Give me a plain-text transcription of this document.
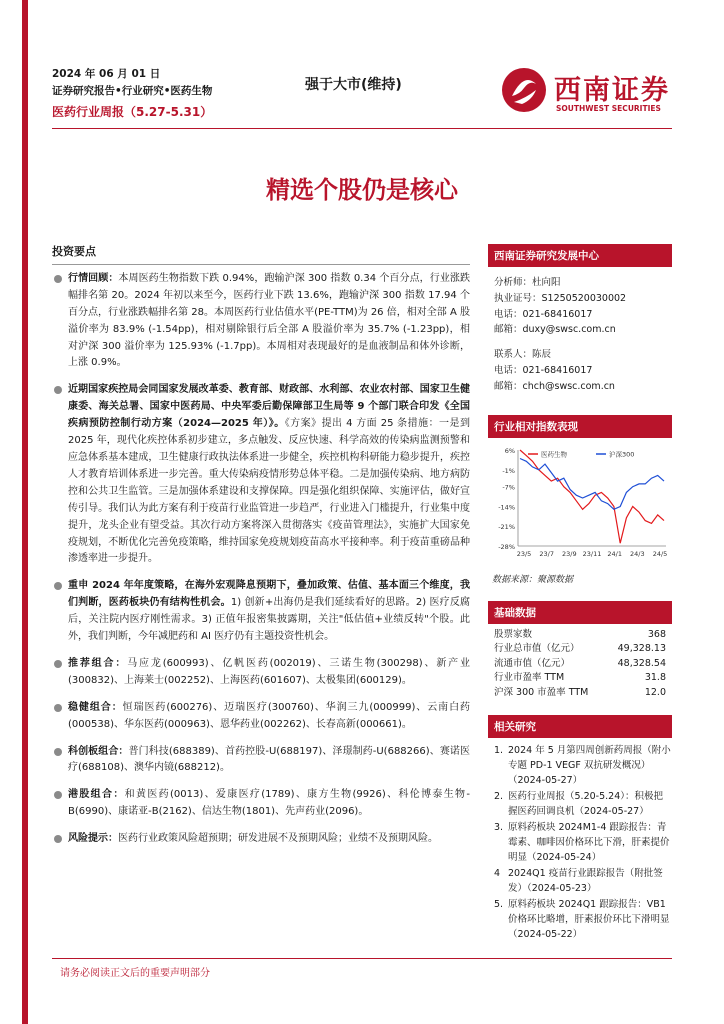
2024 年 06 月 01 日
证券研究报告•行业研究•医药生物
医药行业周报（5.27-5.31）
强于大市(维持)	西南证券
SOUTHWEST SECURITIES
精选个股仍是核心
投资要点
行情回顾：本周医药生物指数下跌 0.94%，跑输沪深 300 指数 0.34 个百分点，行业涨跌幅排名第 20。2024 年初以来至今，医药行业下跌 13.6%，跑输沪深 300 指数 17.94 个百分点，行业涨跌幅排名第 28。本周医药行业估值水平(PE-TTM)为 26 倍，相对全部 A 股溢价率为 83.9% (-1.54pp)，相对剔除银行后全部 A 股溢价率为 35.7% (-1.23pp)，相对沪深 300 溢价率为 125.93% (-1.7pp)。本周相对表现最好的是血液制品和体外诊断，上涨 0.9%。
近期国家疾控局会同国家发展改革委、教育部、财政部、水利部、农业农村部、国家卫生健康委、海关总署、国家中医药局、中央军委后勤保障部卫生局等 9 个部门联合印发《全国疾病预防控制行动方案（2024—2025 年）》。《方案》提出 4 方面 25 条措施：一是到 2025 年，现代化疾控体系初步建立，多点触发、反应快速、科学高效的传染病监测预警和应急体系基本建成，卫生健康行政执法体系进一步健全，疾控机构科研能力稳步提升，疾控人才教育培训体系进一步完善。重大传染病疫情形势总体平稳。二是加强传染病、地方病防控和公共卫生监管。三是加强体系建设和支撑保障。四是强化组织保障、实施评估，做好宣传引导。我们认为此方案有利于疫苗行业监管进一步趋严，行业进入门槛提升，行业集中度提升，龙头企业有望受益。其次行动方案将深入贯彻落实《疫苗管理法》，实施扩大国家免疫规划，不断优化完善免疫策略，维持国家免疫规划疫苗高水平接种率。利于疫苗重磅品种渗透率进一步提升。
重申 2024 年年度策略，在海外宏观降息预期下，叠加政策、估值、基本面三个维度，我们判断，医药板块仍有结构性机会。1) 创新+出海仍是我们延续看好的思路。2) 医疗反腐后，关注院内医疗刚性需求。3) 正值年报密集披露期，关注"低估值+业绩反转"个股。此外，我们判断，今年减肥药和 AI 医疗仍有主题投资性机会。
推荐组合：马应龙(600993)、亿帆医药(002019)、三诺生物(300298)、新产业(300832)、上海莱士(002252)、上海医药(601607)、太极集团(600129)。
稳健组合：恒瑞医药(600276)、迈瑞医疗(300760)、华润三九(000999)、云南白药(000538)、华东医药(000963)、恩华药业(002262)、长春高新(000661)。
科创板组合：普门科技(688389)、首药控股-U(688197)、泽璟制药-U(688266)、赛诺医疗(688108)、澳华内镜(688212)。
港股组合：和黄医药(0013)、爱康医疗(1789)、康方生物(9926)、科伦博泰生物-B(6990)、康诺亚-B(2162)、信达生物(1801)、先声药业(2096)。
风险提示：医药行业政策风险超预期；研发进展不及预期风险；业绩不及预期风险。
西南证券研究发展中心
分析师：杜向阳
执业证号：S1250520030002
电话：021-68416017
邮箱：duxy@swsc.com.cn
联系人：陈辰
电话：021-68416017
邮箱：chch@swsc.com.cn
行业相对指数表现
6%
-1%
-7%
-14%
-21%
-28%
23/5 23/7 23/9 23/11 24/1 24/3 24/5
医药生物	沪深300
数据来源：聚源数据
基础数据
股票家数	368
行业总市值（亿元）	49,328.13
流通市值（亿元）	48,328.54
行业市盈率 TTM	31.8
沪深 300 市盈率 TTM	12.0
相关研究
1. 2024 年 5 月第四周创新药周报（附小专题 PD-1 VEGF 双抗研发概况）（2024-05-27）
2. 医药行业周报（5.20-5.24）：积极把握医药回调良机（2024-05-27）
3. 原料药板块 2024M1-4 跟踪报告：青霉素、咖啡因价格环比下滑，肝素提价明显（2024-05-24）
4 2024Q1 疫苗行业跟踪报告（附批签发）（2024-05-23）
5. 原料药板块 2024Q1 跟踪报告：VB1 价格环比略增，肝素报价环比下滑明显（2024-05-22）
请务必阅读正文后的重要声明部分
